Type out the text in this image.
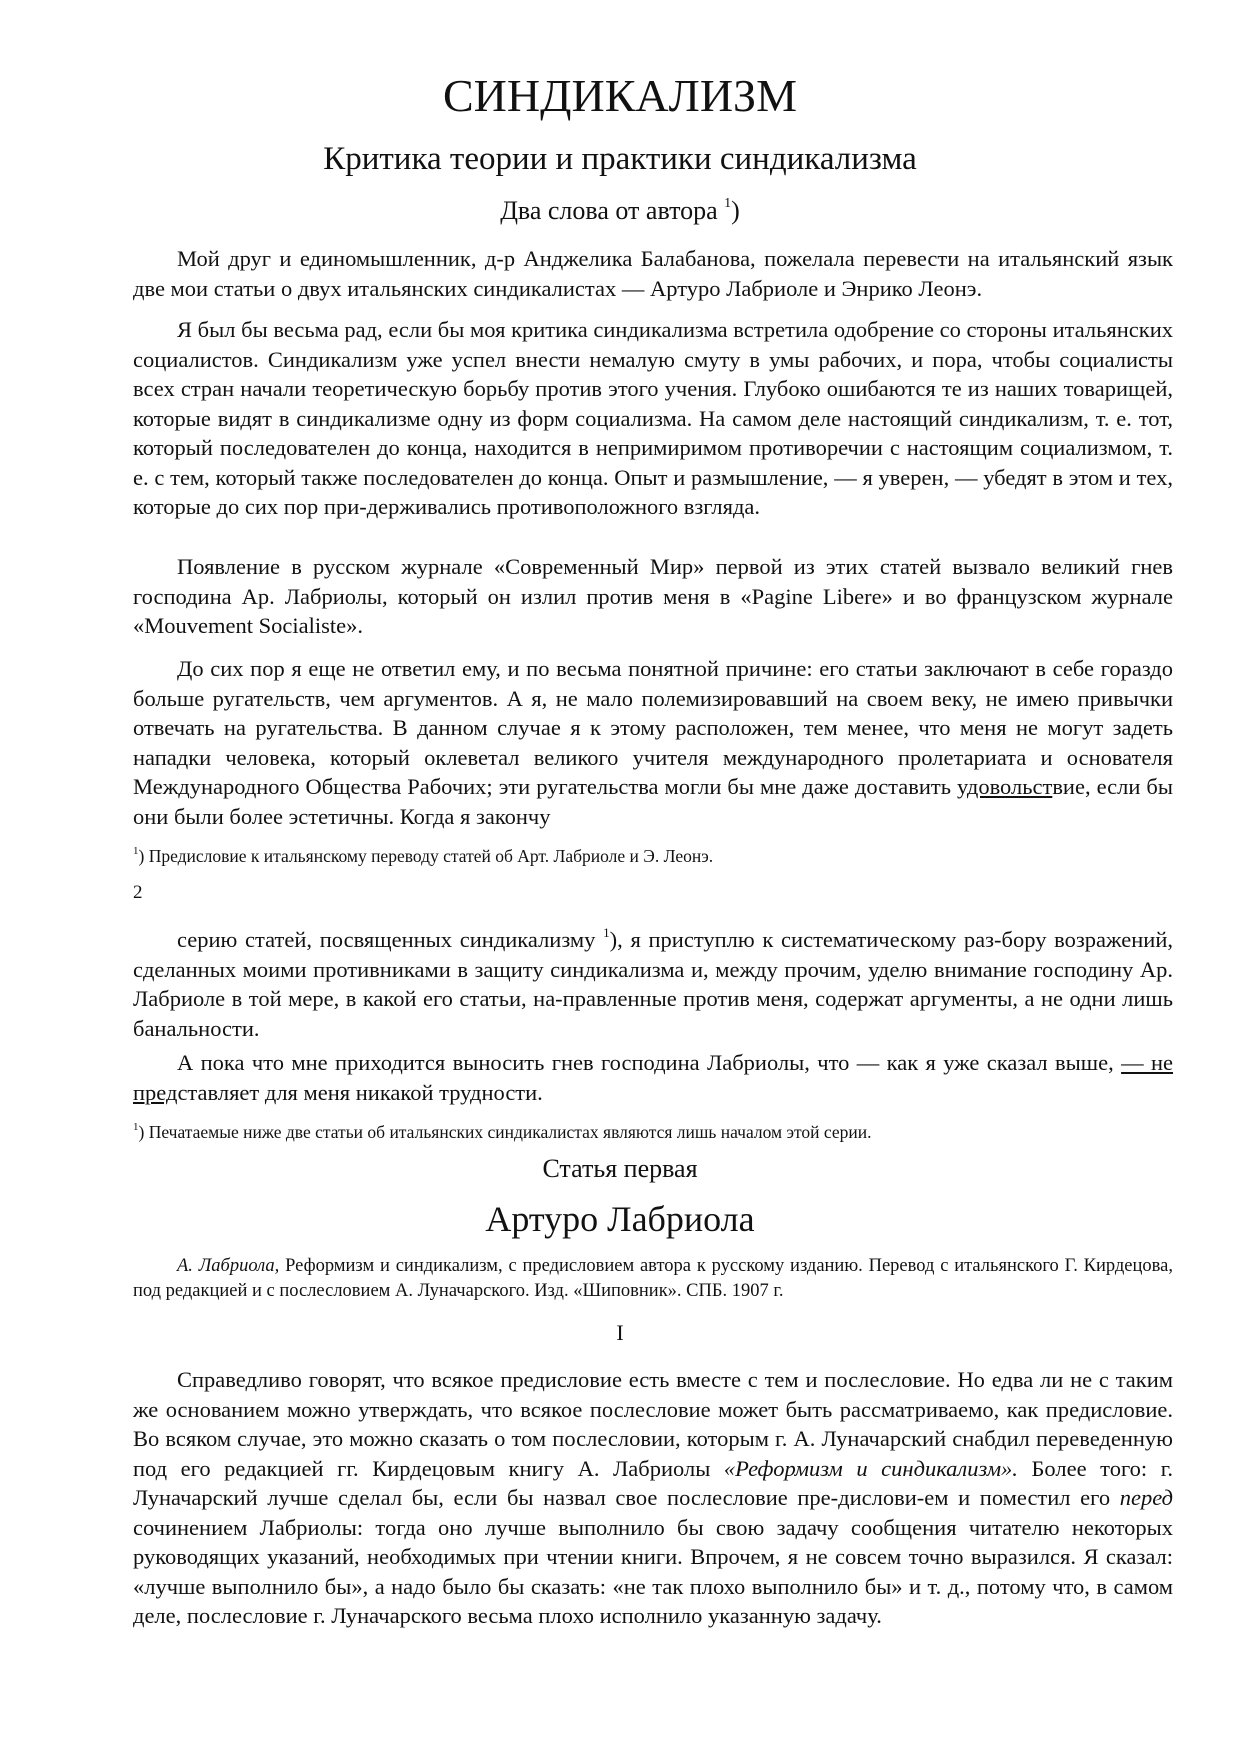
СИНДИКАЛИЗМ
Критика теории и практики синдикализма
Два слова от автора $^1$)
Мой друг и единомышленник, д-р Анджелика Балабанова, пожелала перевести на итальянский язык две мои статьи о двух итальянских синдикалистах — Артуро Лабриоле и Энрико Леонэ.
Я был бы весьма рад, если бы моя критика синдикализма встретила одобрение со стороны итальянских социалистов. Синдикализм уже успел внести немалую смуту в умы рабочих, и пора, чтобы социалисты всех стран начали теоретическую борьбу против этого учения. Глубоко ошибаются те из наших товарищей, которые видят в синдикализме одну из форм социализма. На самом деле настоящий синдикализм, т. е. тот, который последователен до конца, находится в непримиримом противоречии с настоящим социализмом, т. е. с тем, который также последователен до конца. Опыт и размышление, — я уверен, — убедят в этом и тех, которые до сих пор при-держивались противоположного взгляда.
Появление в русском журнале «Современный Мир» первой из этих статей вызвало великий гнев господина Ар. Лабриолы, который он излил против меня в «Pagine Libere» и во французском журнале «Mouvement Socialiste».
До сих пор я еще не ответил ему, и по весьма понятной причине: его статьи заключают в себе гораздо больше ругательств, чем аргументов. А я, не мало полемизировавший на своем веку, не имею привычки отвечать на ругательства. В данном случае я к этому расположен, тем менее, что меня не могут задеть нападки человека, который оклеветал великого учителя международного пролетариата и основателя Международного Общества Рабочих; эти ругательства могли бы мне даже доставить удовольствие, если бы они были более эстетичны. Когда я закончу
$^1$) Предисловие к итальянскому переводу статей об Арт. Лабриоле и Э. Леонэ.
2
серию статей, посвященных синдикализму $^1$), я приступлю к систематическому раз-бору возражений, сделанных моими противниками в защиту синдикализма и, между прочим, уделю внимание господину Ар. Лабриоле в той мере, в какой его статьи, на-правленные против меня, содержат аргументы, а не одни лишь банальности.
А пока что мне приходится выносить гнев господина Лабриолы, что — как я уже сказал выше, — не представляет для меня никакой трудности.
$^1$) Печатаемые ниже две статьи об итальянских синдикалистах являются лишь началом этой серии.
Статья первая
Артуро Лабриола
А. Лабриола, Реформизм и синдикализм, с предисловием автора к русскому изданию. Перевод с итальянского Г. Кирдецова, под редакцией и с послесловием А. Луначарского. Изд. «Шиповник». СПБ. 1907 г.
I
Справедливо говорят, что всякое предисловие есть вместе с тем и послесловие. Но едва ли не с таким же основанием можно утверждать, что всякое послесловие может быть рассматриваемо, как предисловие. Во всяком случае, это можно сказать о том послесловии, которым г. А. Луначарский снабдил переведенную под его редакцией гг. Кирдецовым книгу А. Лабриолы «Реформизм и синдикализм». Более того: г. Луначарский лучше сделал бы, если бы назвал свое послесловие пре-дислови-ем и поместил его перед сочинением Лабриолы: тогда оно лучше выполнило бы свою задачу сообщения читателю некоторых руководящих указаний, необходимых при чтении книги. Впрочем, я не совсем точно выразился. Я сказал: «лучше выполнило бы», а надо было бы сказать: «не так плохо выполнило бы» и т. д., потому что, в самом деле, послесловие г. Луначарского весьма плохо исполнило указанную задачу.
